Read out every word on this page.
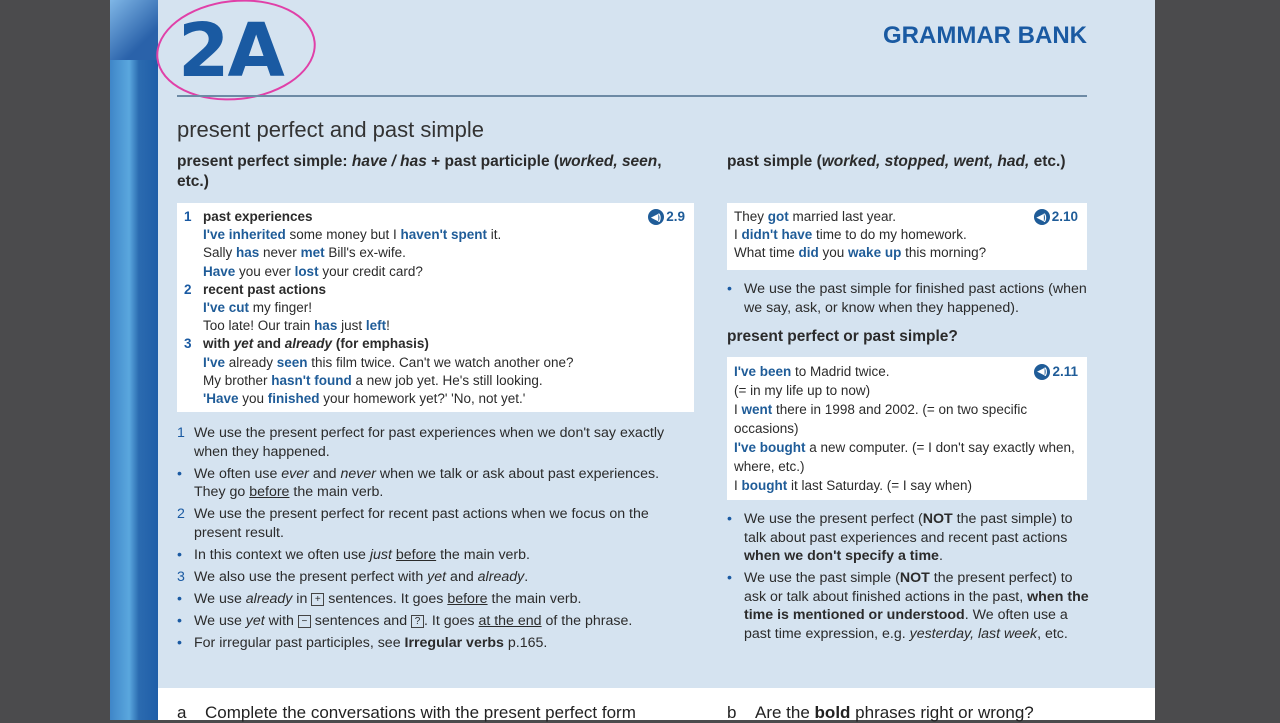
2A	GRAMMAR BANK
present perfect and past simple
present perfect simple: have / has + past participle (worked, seen, etc.)
◀) 2.9
1 past experiences
I've inherited some money but I haven't spent it.
Sally has never met Bill's ex-wife.
Have you ever lost your credit card?
2 recent past actions
I've cut my finger!
Too late! Our train has just left!
3 with yet and already (for emphasis)
I've already seen this film twice. Can't we watch another one?
My brother hasn't found a new job yet. He's still looking.
'Have you finished your homework yet?' 'No, not yet.'
1 We use the present perfect for past experiences when we don't say exactly when they happened.
• We often use ever and never when we talk or ask about past experiences. They go before the main verb.
2 We use the present perfect for recent past actions when we focus on the present result.
• In this context we often use just before the main verb.
3 We also use the present perfect with yet and already.
• We use already in + sentences. It goes before the main verb.
• We use yet with − sentences and ? . It goes at the end of the phrase.
• For irregular past participles, see Irregular verbs p.165.
past simple (worked, stopped, went, had, etc.)
◀) 2.10
They got married last year.
I didn't have time to do my homework.
What time did you wake up this morning?
• We use the past simple for finished past actions (when we say, ask, or know when they happened).
present perfect or past simple?
◀) 2.11
I've been to Madrid twice.
(= in my life up to now)
I went there in 1998 and 2002. (= on two specific occasions)
I've bought a new computer. (= I don't say exactly when, where, etc.)
I bought it last Saturday. (= I say when)
• We use the present perfect (NOT the past simple) to talk about past experiences and recent past actions when we don't specify a time.
• We use the past simple (NOT the present perfect) to ask or talk about finished actions in the past, when the time is mentioned or understood. We often use a past time expression, e.g. yesterday, last week, etc.
a Complete the conversations with the present perfect form	b Are the bold phrases right or wrong?
